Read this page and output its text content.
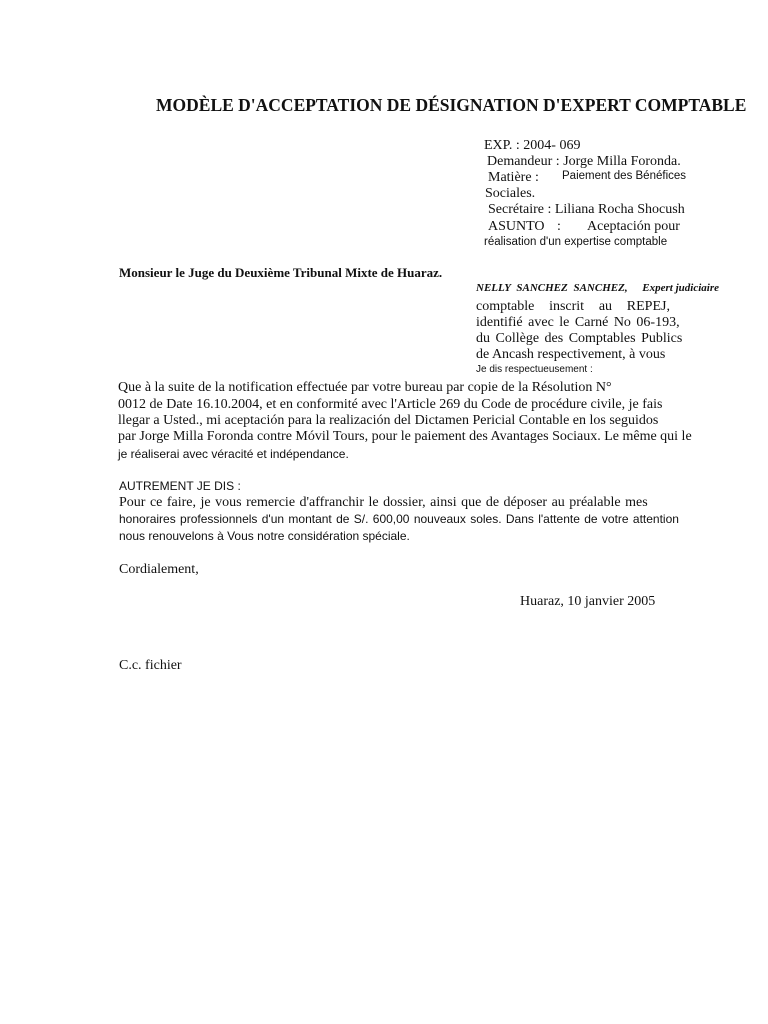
MODÈLE D'ACCEPTATION DE DÉSIGNATION D'EXPERT COMPTABLE
EXP. : 2004- 069
Demandeur : Jorge Milla Foronda.
Matière : Paiement des Bénéfices
Sociales.
Secrétaire : Liliana Rocha Shocush
ASUNTO : Aceptación pour
réalisation d'un expertise comptable
Monsieur le Juge du Deuxième Tribunal Mixte de Huaraz.
NELLY SANCHEZ SANCHEZ, Expert judiciaire
comptable inscrit au REPEJ,
identifié avec le Carné No 06-193,
du Collège des Comptables Publics
de Ancash respectivement, à vous
Je dis respectueusement :
Que à la suite de la notification effectuée par votre bureau par copie de la Résolution N°
0012 de Date 16.10.2004, et en conformité avec l'Article 269 du Code de procédure civile, je fais
llegar a Usted., mi aceptación para la realización del Dictamen Pericial Contable en los seguidos
par Jorge Milla Foronda contre Móvil Tours, pour le paiement des Avantages Sociaux. Le même qui le
je réaliserai avec véracité et indépendance.
AUTREMENT JE DIS :
Pour ce faire, je vous remercie d'affranchir le dossier, ainsi que de déposer au préalable mes
honoraires professionnels d'un montant de S/. 600,00 nouveaux soles. Dans l'attente de votre attention
nous renouvelons à Vous notre considération spéciale.
Cordialement,
Huaraz, 10 janvier 2005
C.c. fichier
